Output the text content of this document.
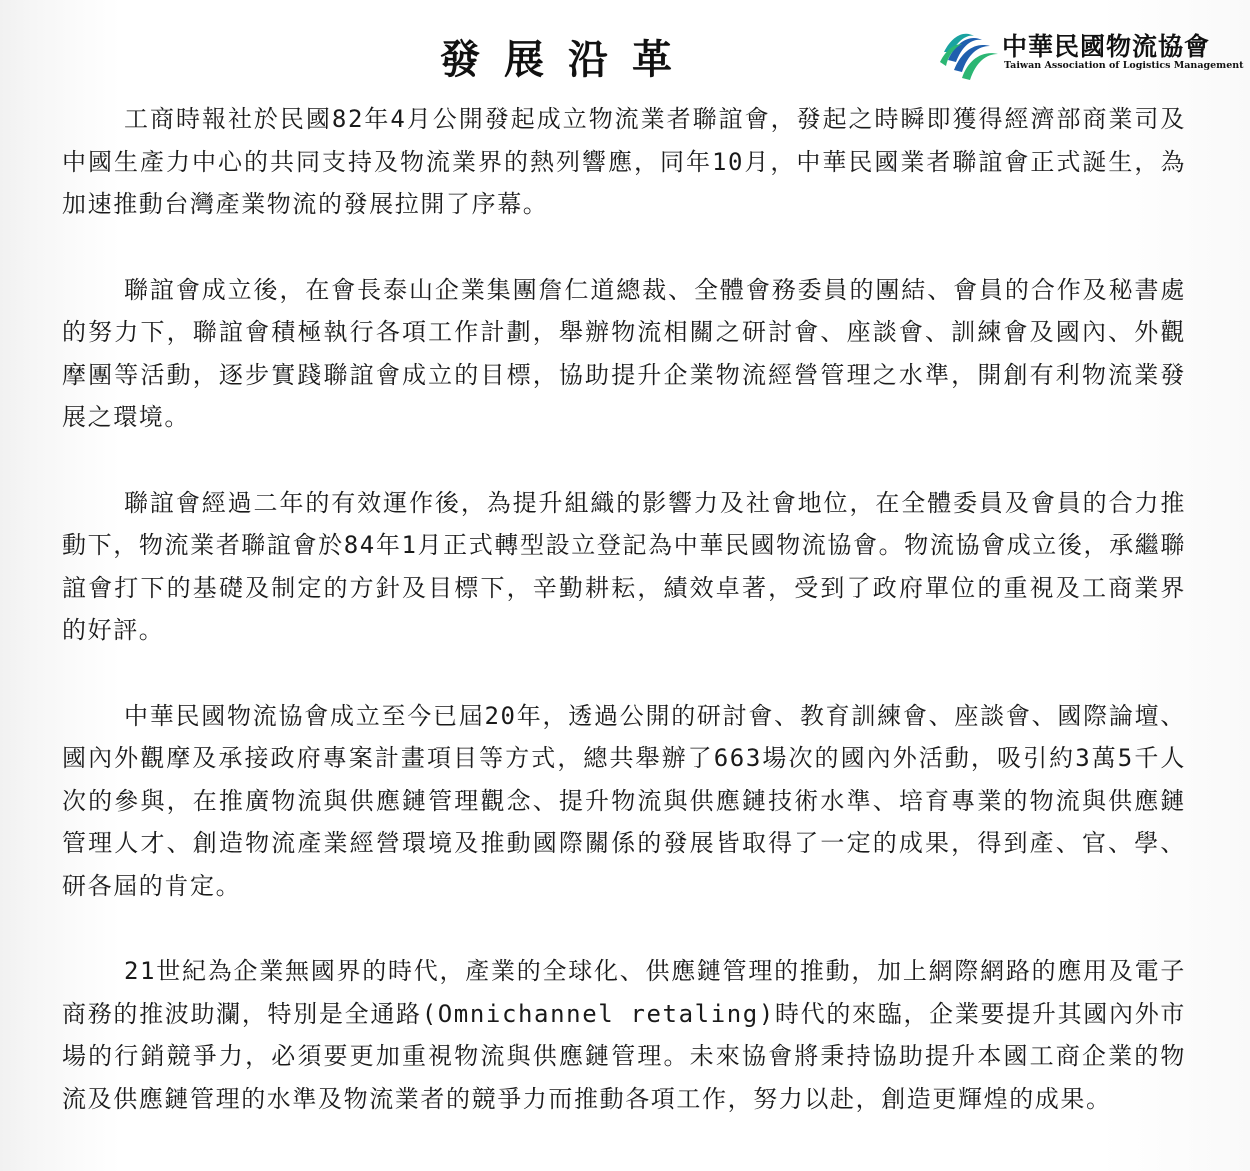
發展沿革	中華民國物流協會
Taiwan Association of Logistics Management

工商時報社於民國82年4月公開發起成立物流業者聯誼會，發起之時瞬即獲得經濟部商業司及中國生產力中心的共同支持及物流業界的熱列響應，同年10月，中華民國業者聯誼會正式誕生，為加速推動台灣產業物流的發展拉開了序幕。

聯誼會成立後，在會長泰山企業集團詹仁道總裁、全體會務委員的團結、會員的合作及秘書處的努力下，聯誼會積極執行各項工作計劃，舉辦物流相關之研討會、座談會、訓練會及國內、外觀摩團等活動，逐步實踐聯誼會成立的目標，協助提升企業物流經營管理之水準，開創有利物流業發展之環境。

聯誼會經過二年的有效運作後，為提升組織的影響力及社會地位，在全體委員及會員的合力推動下，物流業者聯誼會於84年1月正式轉型設立登記為中華民國物流協會。物流協會成立後，承繼聯誼會打下的基礎及制定的方針及目標下，辛勤耕耘，績效卓著，受到了政府單位的重視及工商業界的好評。

中華民國物流協會成立至今已屆20年，透過公開的研討會、教育訓練會、座談會、國際論壇、國內外觀摩及承接政府專案計畫項目等方式，總共舉辦了663場次的國內外活動，吸引約3萬5千人次的參與，在推廣物流與供應鏈管理觀念、提升物流與供應鏈技術水準、培育專業的物流與供應鏈管理人才、創造物流產業經營環境及推動國際關係的發展皆取得了一定的成果，得到產、官、學、研各屆的肯定。

21世紀為企業無國界的時代，產業的全球化、供應鏈管理的推動，加上網際網路的應用及電子商務的推波助瀾，特別是全通路(Omnichannel retaling)時代的來臨，企業要提升其國內外市場的行銷競爭力，必須要更加重視物流與供應鏈管理。未來協會將秉持協助提升本國工商企業的物流及供應鏈管理的水準及物流業者的競爭力而推動各項工作，努力以赴，創造更輝煌的成果。
